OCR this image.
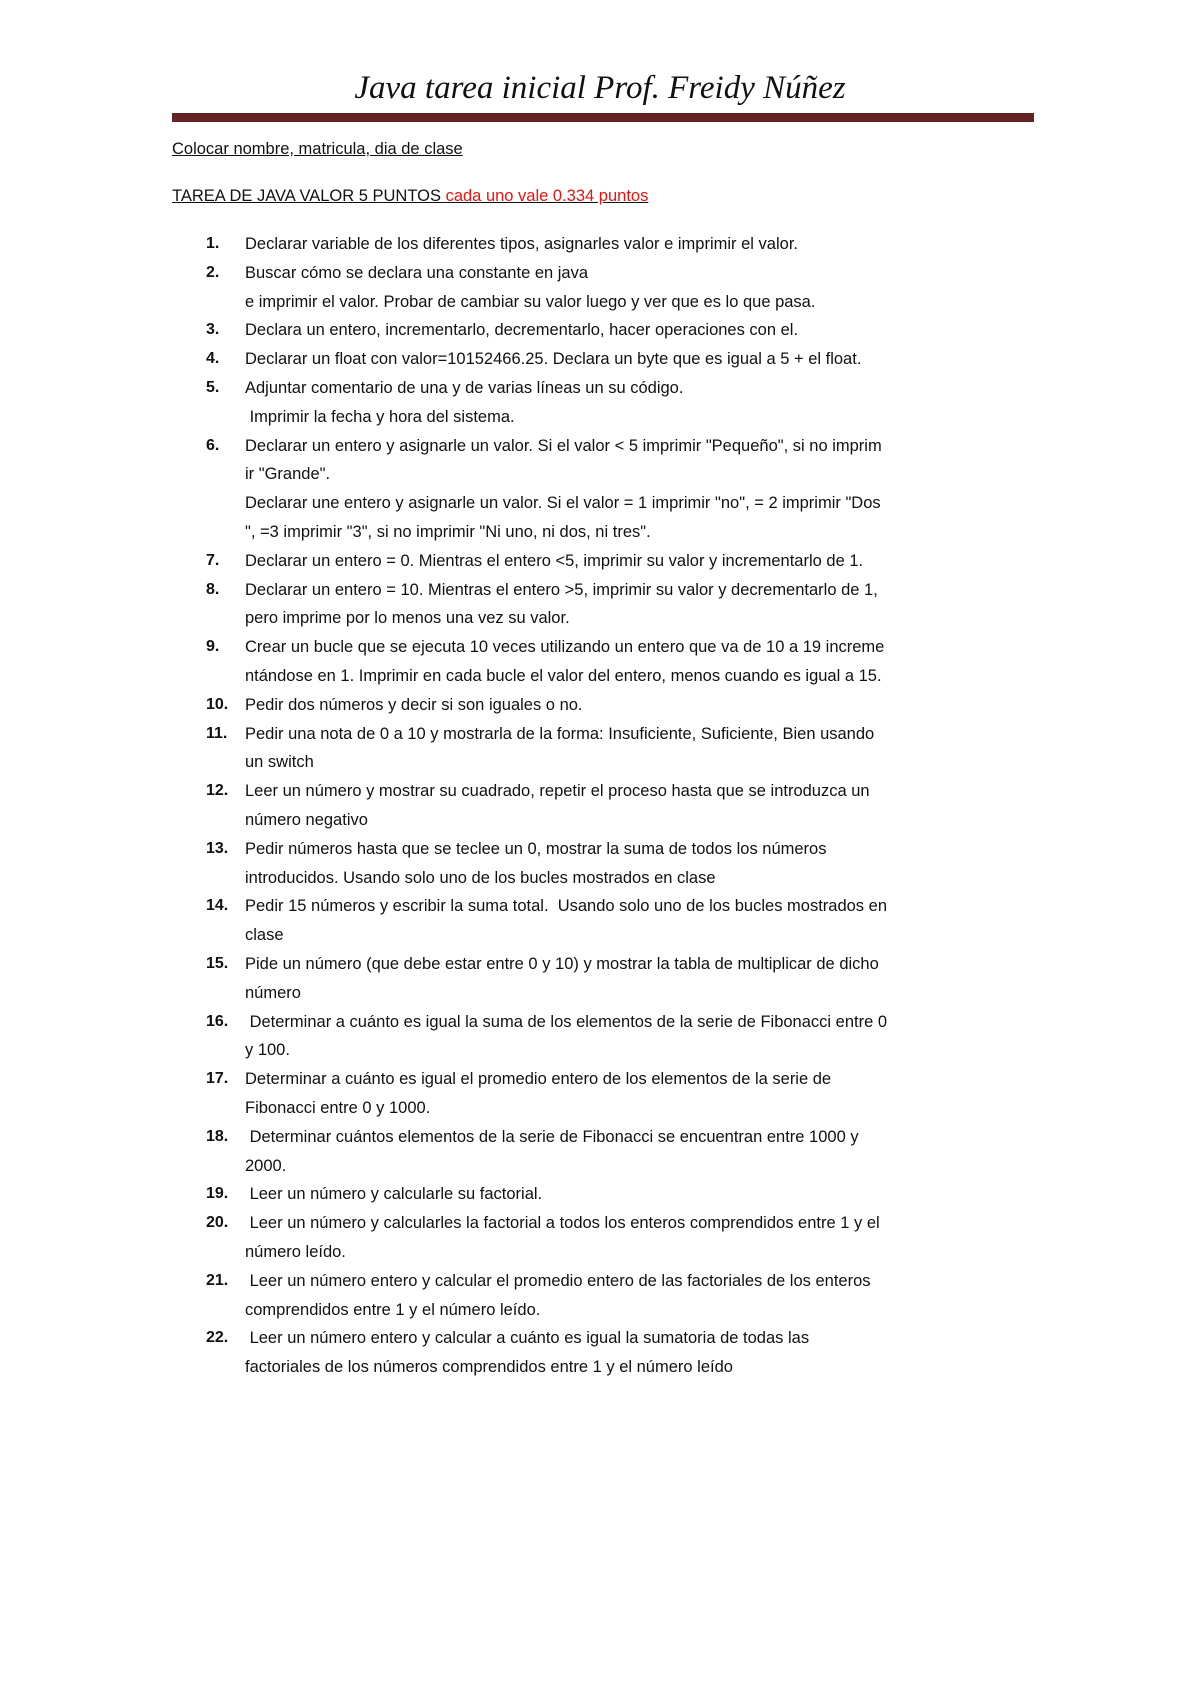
Java tarea inicial Prof. Freidy Núñez
Colocar nombre, matricula, dia de clase
TAREA DE JAVA VALOR 5 PUNTOS cada uno vale 0.334 puntos
1. Declarar variable de los diferentes tipos, asignarles valor e imprimir el valor.
2. Buscar cómo se declara una constante en java
e imprimir el valor. Probar de cambiar su valor luego y ver que es lo que pasa.
3. Declara un entero, incrementarlo, decrementarlo, hacer operaciones con el.
4. Declarar un float con valor=10152466.25. Declara un byte que es igual a 5 + el float.
5. Adjuntar comentario de una y de varias líneas un su código.
Imprimir la fecha y hora del sistema.
6. Declarar un entero y asignarle un valor. Si el valor < 5 imprimir "Pequeño", si no imprim
ir "Grande".
Declarar une entero y asignarle un valor. Si el valor = 1 imprimir "no", = 2 imprimir "Dos
", =3 imprimir "3", si no imprimir "Ni uno, ni dos, ni tres".
7. Declarar un entero = 0. Mientras el entero <5, imprimir su valor y incrementarlo de 1.
8. Declarar un entero = 10. Mientras el entero >5, imprimir su valor y decrementarlo de 1,
pero imprime por lo menos una vez su valor.
9. Crear un bucle que se ejecuta 10 veces utilizando un entero que va de 10 a 19 increme
ntándose en 1. Imprimir en cada bucle el valor del entero, menos cuando es igual a 15.
10. Pedir dos números y decir si son iguales o no.
11. Pedir una nota de 0 a 10 y mostrarla de la forma: Insuficiente, Suficiente, Bien usando
un switch
12. Leer un número y mostrar su cuadrado, repetir el proceso hasta que se introduzca un
número negativo
13. Pedir números hasta que se teclee un 0, mostrar la suma de todos los números
introducidos. Usando solo uno de los bucles mostrados en clase
14. Pedir 15 números y escribir la suma total.  Usando solo uno de los bucles mostrados en
clase
15. Pide un número (que debe estar entre 0 y 10) y mostrar la tabla de multiplicar de dicho
número
16. Determinar a cuánto es igual la suma de los elementos de la serie de Fibonacci entre 0
y 100.
17. Determinar a cuánto es igual el promedio entero de los elementos de la serie de
Fibonacci entre 0 y 1000.
18. Determinar cuántos elementos de la serie de Fibonacci se encuentran entre 1000 y
2000.
19. Leer un número y calcularle su factorial.
20. Leer un número y calcularles la factorial a todos los enteros comprendidos entre 1 y el
número leído.
21. Leer un número entero y calcular el promedio entero de las factoriales de los enteros
comprendidos entre 1 y el número leído.
22. Leer un número entero y calcular a cuánto es igual la sumatoria de todas las
factoriales de los números comprendidos entre 1 y el número leído
